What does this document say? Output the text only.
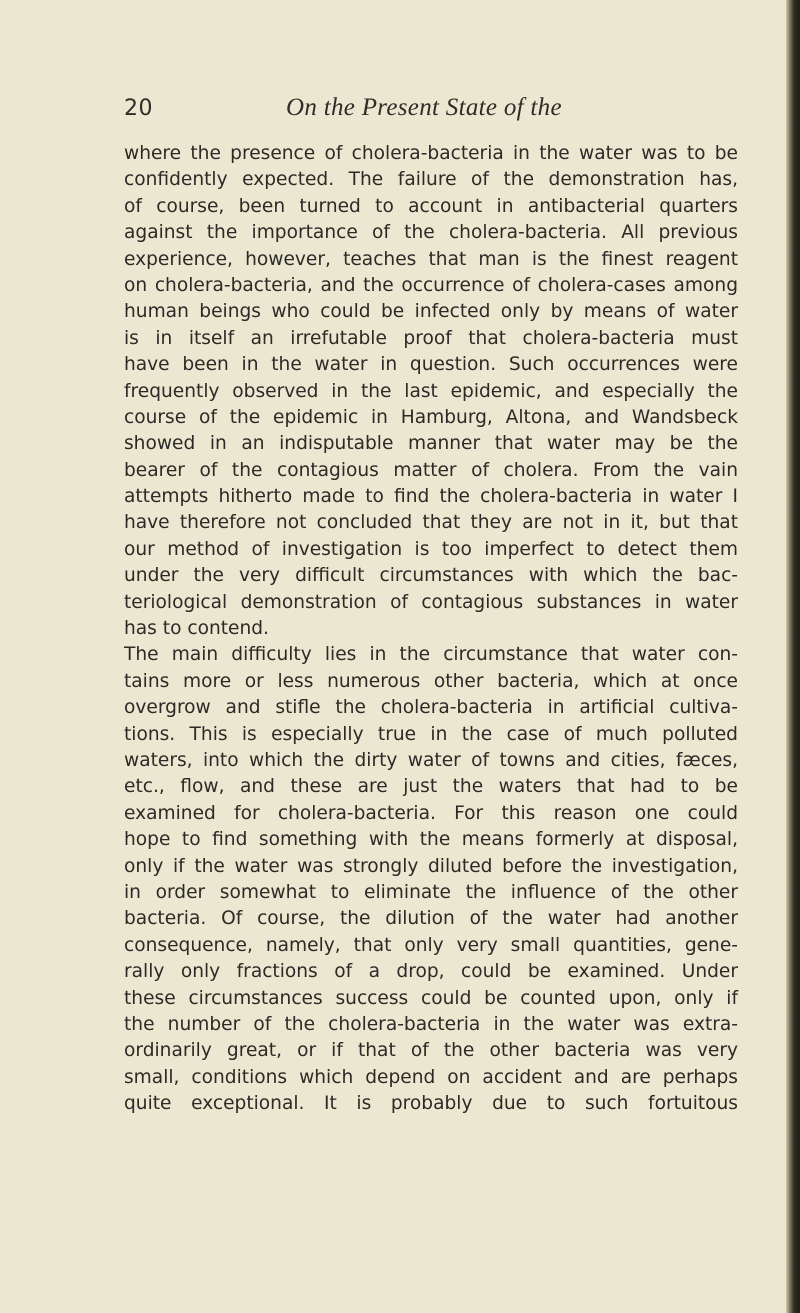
20	On the Present State of the
where the presence of cholera-bacteria in the water was to be
confidently expected. The failure of the demonstration has,
of course, been turned to account in antibacterial quarters
against the importance of the cholera-bacteria. All previous
experience, however, teaches that man is the finest reagent
on cholera-bacteria, and the occurrence of cholera-cases among
human beings who could be infected only by means of water
is in itself an irrefutable proof that cholera-bacteria must
have been in the water in question. Such occurrences were
frequently observed in the last epidemic, and especially the
course of the epidemic in Hamburg, Altona, and Wandsbeck
showed in an indisputable manner that water may be the
bearer of the contagious matter of cholera. From the vain
attempts hitherto made to find the cholera-bacteria in water I
have therefore not concluded that they are not in it, but that
our method of investigation is too imperfect to detect them
under the very difficult circumstances with which the bac-
teriological demonstration of contagious substances in water
has to contend.
The main difficulty lies in the circumstance that water con-
tains more or less numerous other bacteria, which at once
overgrow and stifle the cholera-bacteria in artificial cultiva-
tions. This is especially true in the case of much polluted
waters, into which the dirty water of towns and cities, fæces,
etc., flow, and these are just the waters that had to be
examined for cholera-bacteria. For this reason one could
hope to find something with the means formerly at disposal,
only if the water was strongly diluted before the investigation,
in order somewhat to eliminate the influence of the other
bacteria. Of course, the dilution of the water had another
consequence, namely, that only very small quantities, gene-
rally only fractions of a drop, could be examined. Under
these circumstances success could be counted upon, only if
the number of the cholera-bacteria in the water was extra-
ordinarily great, or if that of the other bacteria was very
small, conditions which depend on accident and are perhaps
quite exceptional. It is probably due to such fortuitous
